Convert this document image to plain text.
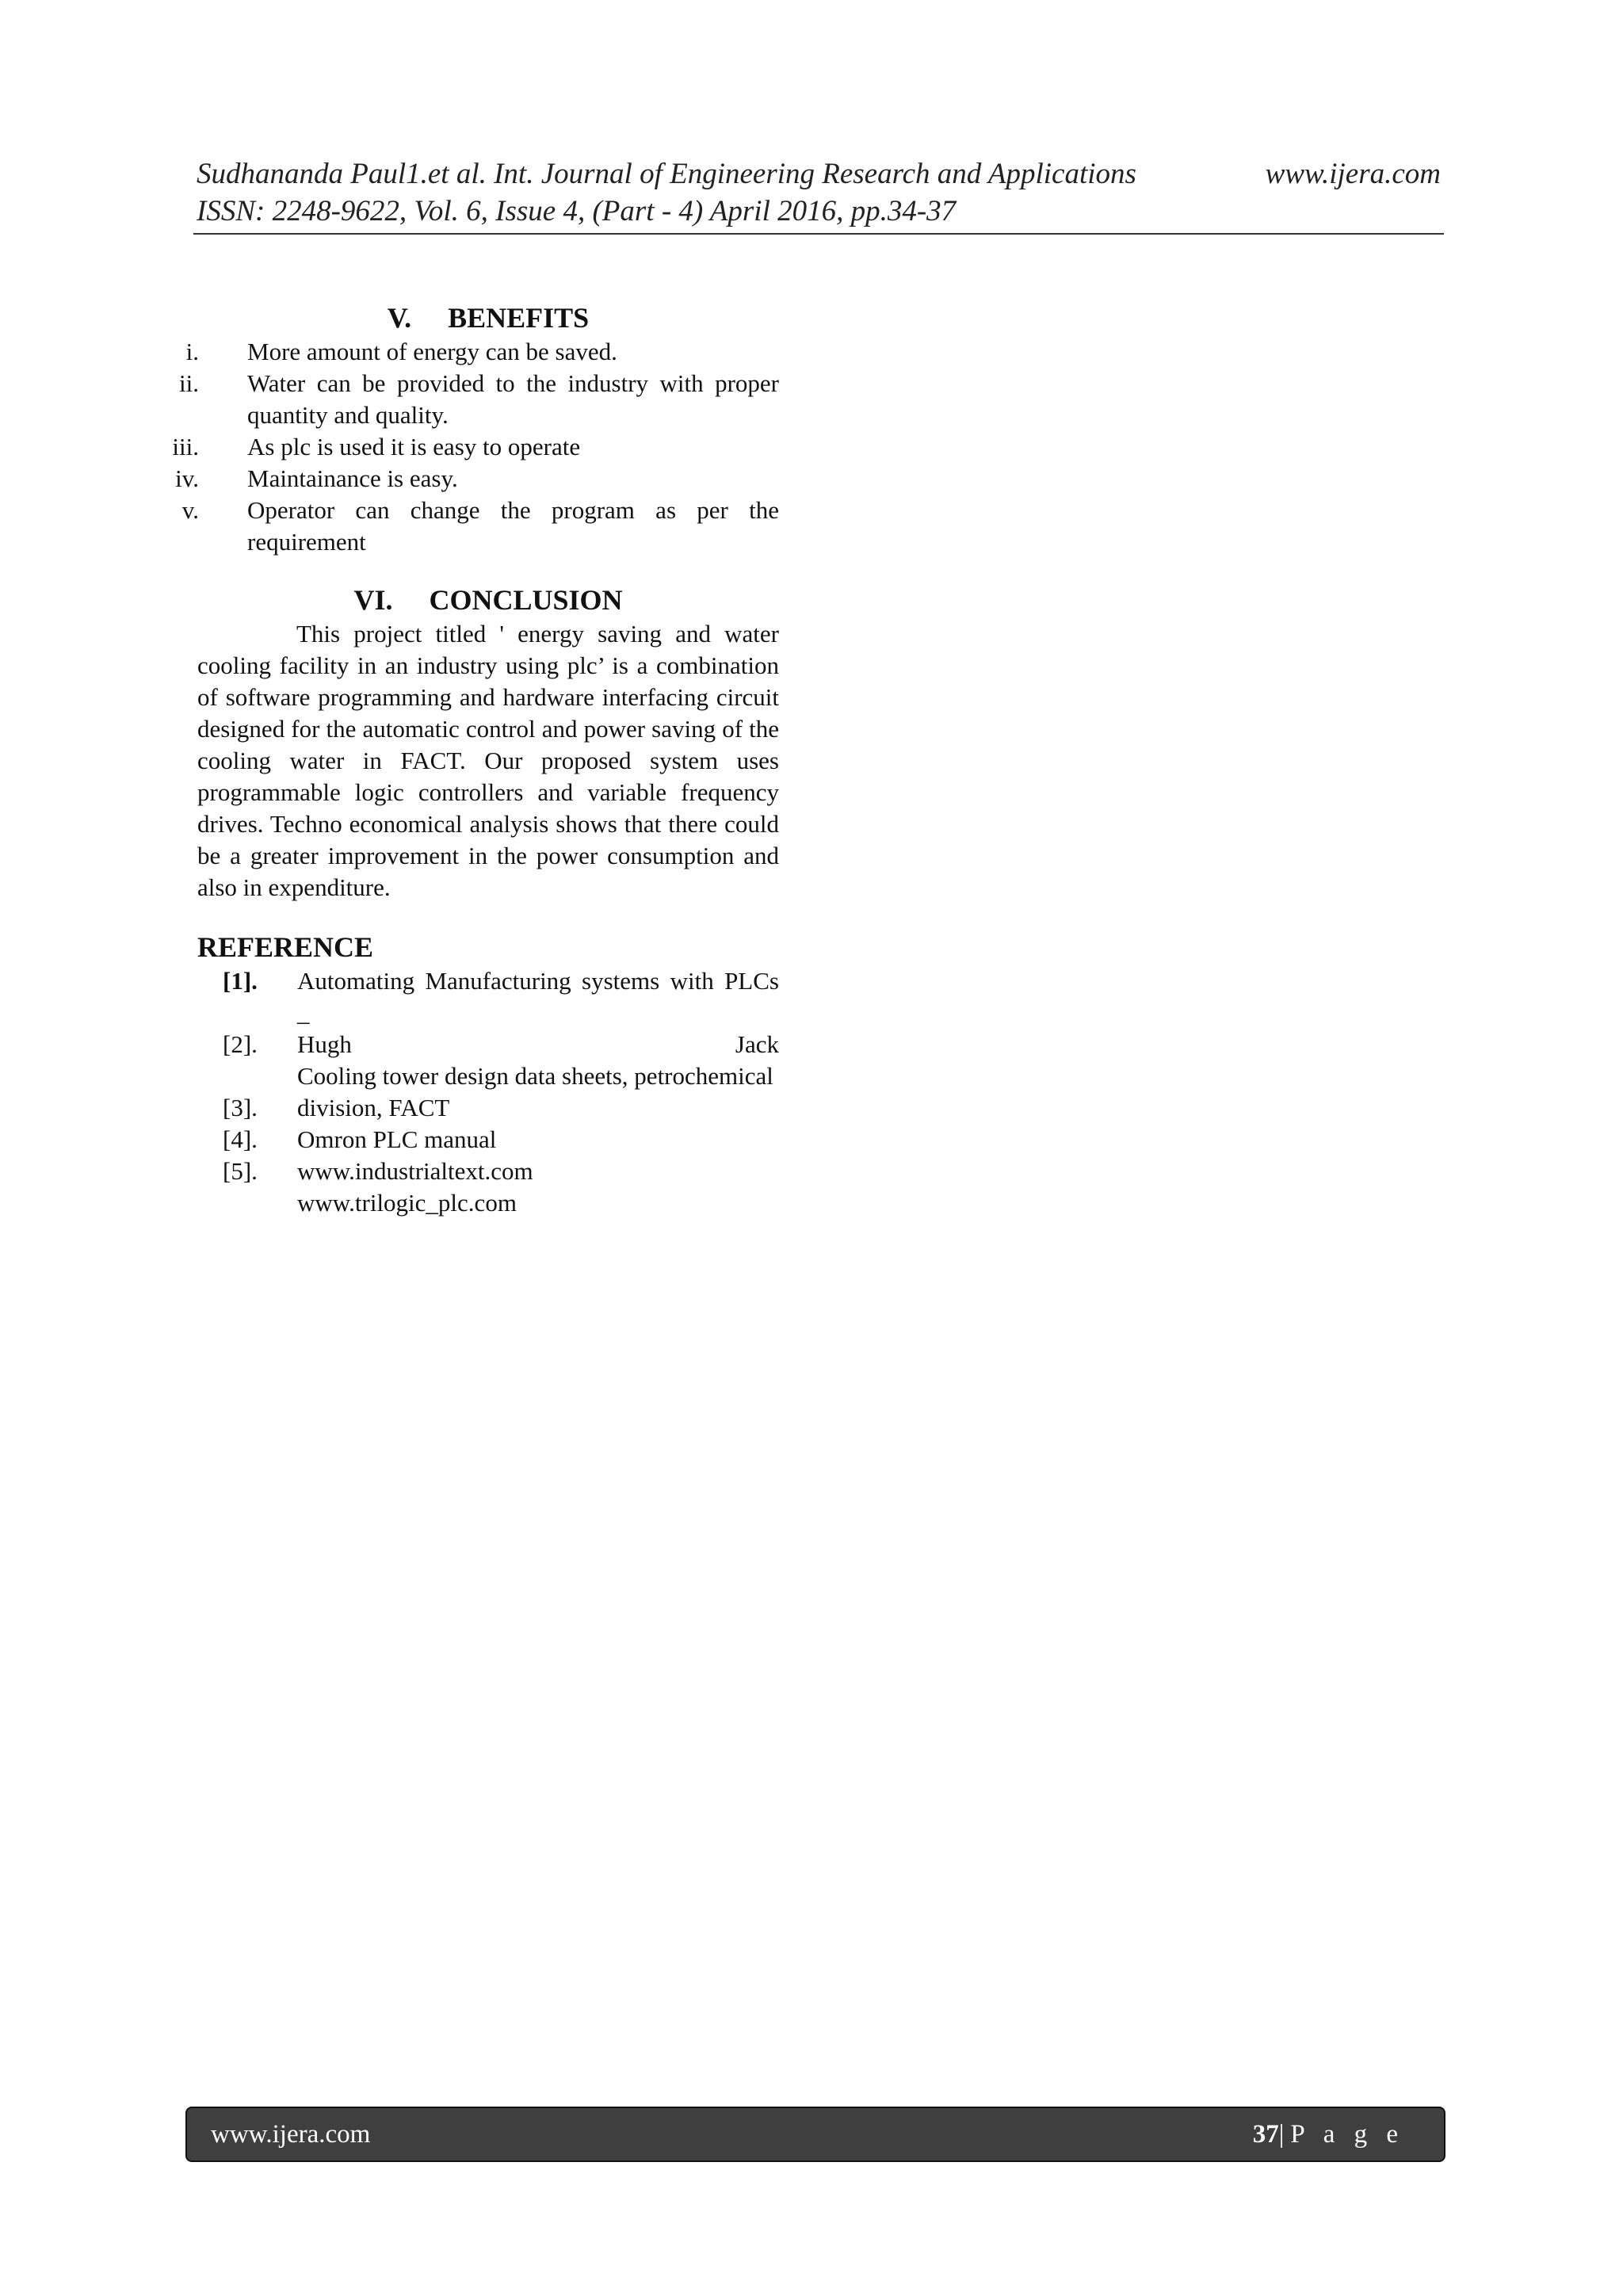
Sudhananda Paul1.et al. Int. Journal of Engineering Research and Applications	www.ijera.com
ISSN: 2248-9622, Vol. 6, Issue 4, (Part - 4) April 2016, pp.34-37
V. BENEFITS
i. More amount of energy can be saved.
ii. Water can be provided to the industry with proper quantity and quality.
iii. As plc is used it is easy to operate
iv. Maintainance is easy.
v. Operator can change the program as per the requirement
VI. CONCLUSION

This project titled ' energy saving and water cooling facility in an industry using plc’ is a combination of software programming and hardware interfacing circuit designed for the automatic control and power saving of the cooling water in FACT. Our proposed system uses programmable logic controllers and variable frequency drives. Techno economical analysis shows that there could be a greater improvement in the power consumption and also in expenditure.

REFERENCE
[1].	Automating Manufacturing systems with PLCs _
[2].	Hugh Jack
Cooling tower design data sheets, petrochemical
[3].	division, FACT
[4].	Omron PLC manual
[5].	www.industrialtext.com
www.trilogic_plc.com
www.ijera.com	37|P a g e
